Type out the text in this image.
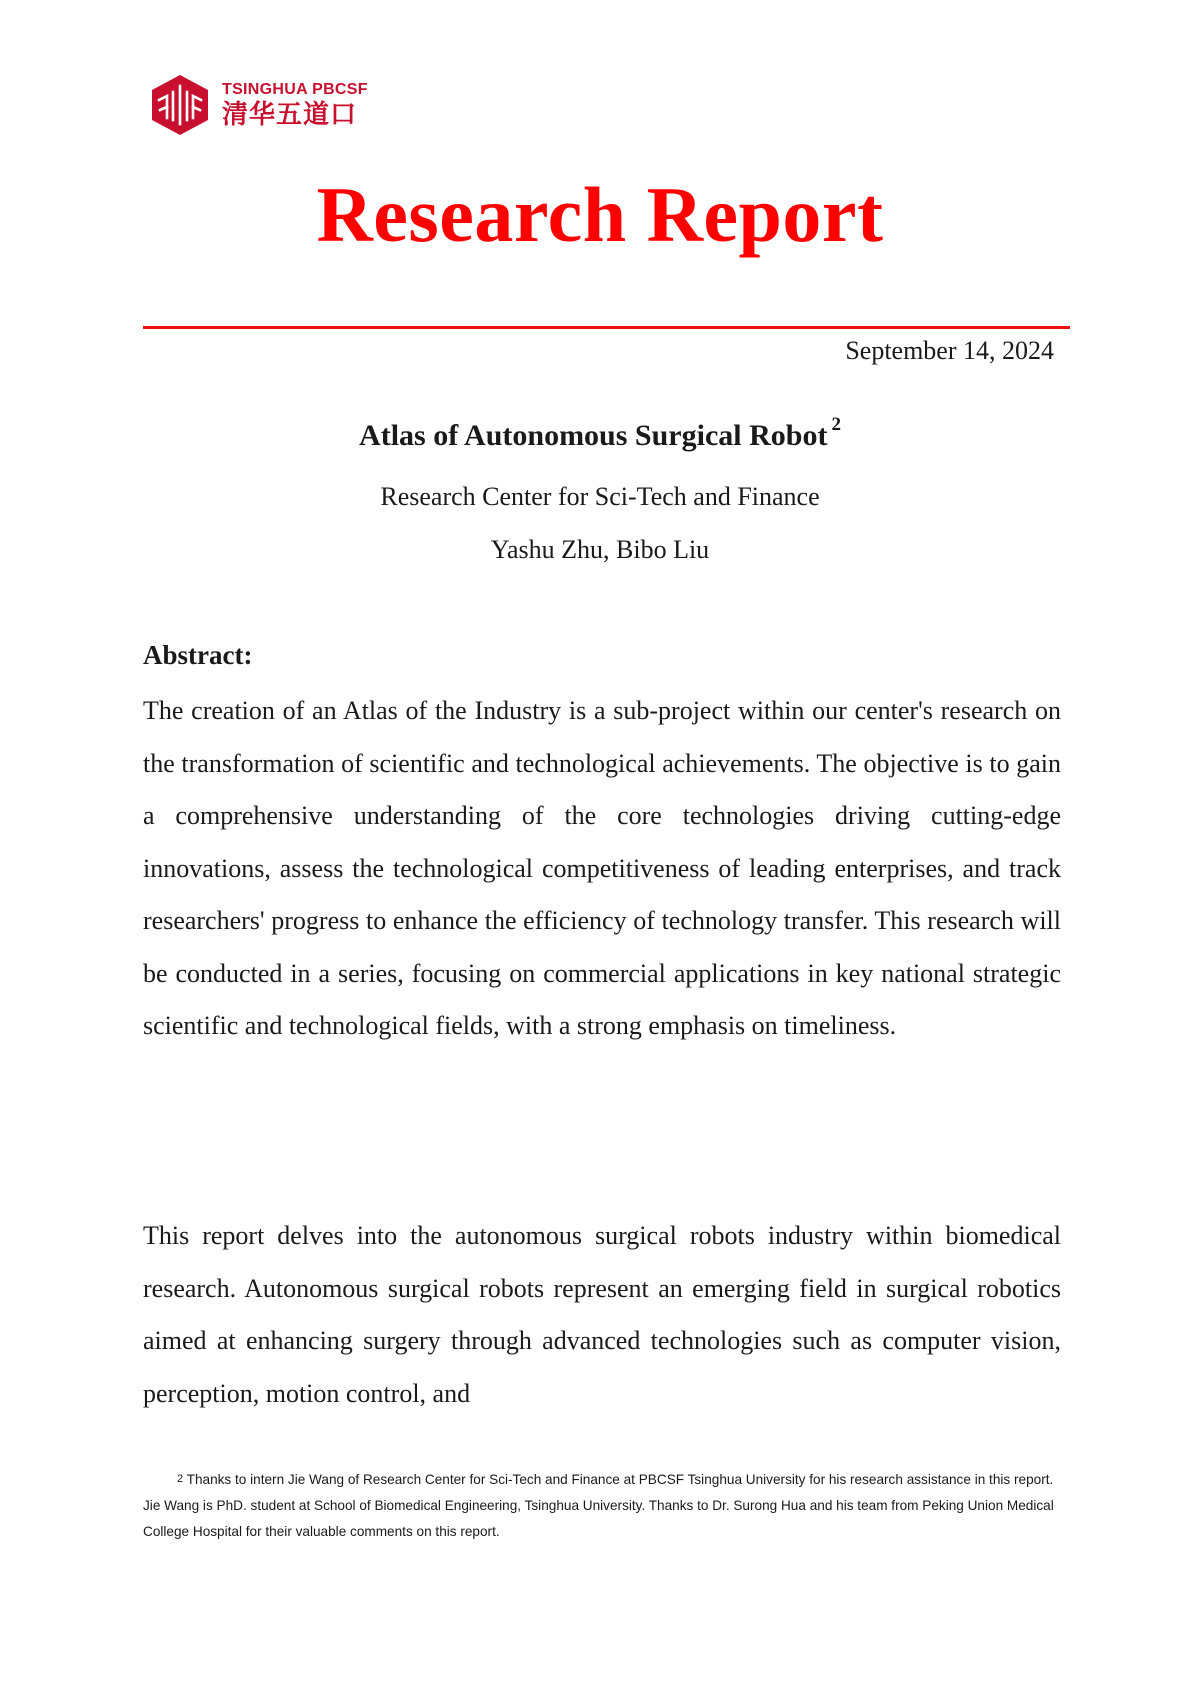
TSINGHUA PBCSF
清华五道口
Research Report
September 14, 2024
Atlas of Autonomous Surgical Robot $^2$
Research Center for Sci-Tech and Finance
Yashu Zhu, Bibo Liu
Abstract:

The creation of an Atlas of the Industry is a sub-project within our center's research on the transformation of scientific and technological achievements. The objective is to gain a comprehensive understanding of the core technologies driving cutting-edge innovations, assess the technological competitiveness of leading enterprises, and track researchers' progress to enhance the efficiency of technology transfer. This research will be conducted in a series, focusing on commercial applications in key national strategic scientific and technological fields, with a strong emphasis on timeliness.

This report delves into the autonomous surgical robots industry within biomedical research. Autonomous surgical robots represent an emerging field in surgical robotics aimed at enhancing surgery through advanced technologies such as computer vision, perception, motion control, and

2 Thanks to intern Jie Wang of Research Center for Sci-Tech and Finance at PBCSF Tsinghua University for his research assistance in this report. Jie Wang is PhD. student at School of Biomedical Engineering, Tsinghua University. Thanks to Dr. Surong Hua and his team from Peking Union Medical College Hospital for their valuable comments on this report.
